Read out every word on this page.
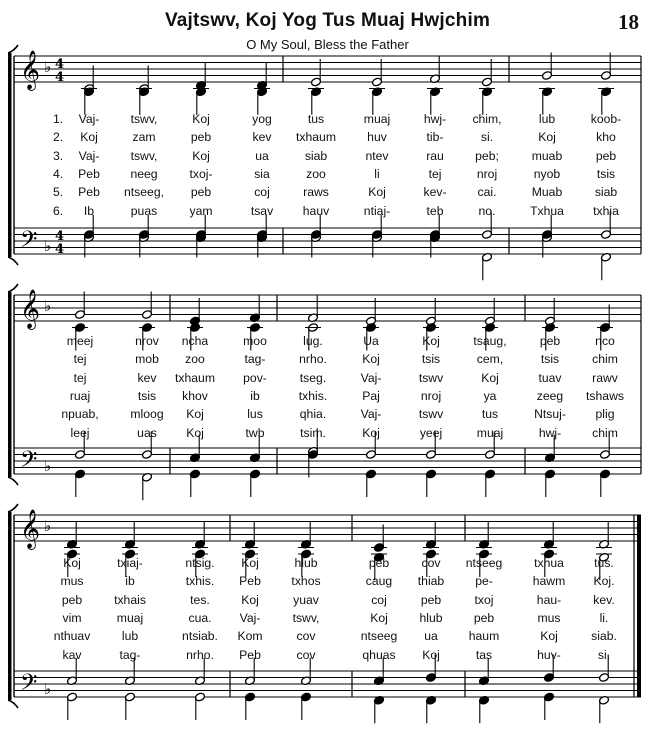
Vajtswv, Koj Yog Tus Muaj Hwjchim	18
O My Soul, Bless the Father
𝄞
𝄢
♭
♭
4
4
4
4
𝄞
𝄢
♭
♭
𝄞
𝄢
♭
♭
1. Vaj-	tswv,	Koj	yog	tus	muaj	hwj- chim,	lub	koob-
2. Koj	zam	peb	kev txhaum	huv	tib-	si.	Koj	kho
3. Vaj-	tswv,	Koj	ua	siab	ntev	rau	peb;	muab	peb
4. Peb	neeg	txoj-	sia	zoo	li	tej	nroj	nyob	tsis
5. Peb ntseeg, peb	coj	raws	Koj	kev-	cai.	Muab	siab
6. Ib	puas	yam	tsav hauv	ntiaj-	teb	no.	Txhua txhia
meej	nrov ncha	moo	lug.	Ua	Koj	tsaug,	peb	nco
tej	mob zoo	tag-	nrho.	Koj	tsis	cem,	tsis	chim
tej	kev txhaum pov-	tseg.	Vaj-	tswv	Koj	tuav	rawv
ruaj	tsis khov	ib	txhis.	Paj	nroj	ya	zeeg tshaws
npuab,	mloog Koj	lus	qhia.	Vaj-	tswv	tus	Ntsuj- plig
leej	uas Koj	twb	tsim.	Koj	yeej	muaj	hwj-	chim
Koj	txiaj-	ntsig. Koj	hlub	peb	cov ntseeg	txhua tus.
mus	ib	txhis. Peb	txhos	caug thiab	pe-	hawm Koj.
peb	txhais	tes.	Koj	yuav	coj	peb	txoj	hau-	kev.
vim	muaj	cua. Vaj-	tswv,	Koj	hlub	peb	mus	li.
nthuav	lub	ntsiab. Kom	cov	ntseeg ua	haum	Koj	siab.
kav	tag-	nrho. Peb	cov	qhuas Koj	tas	huv-	si.
